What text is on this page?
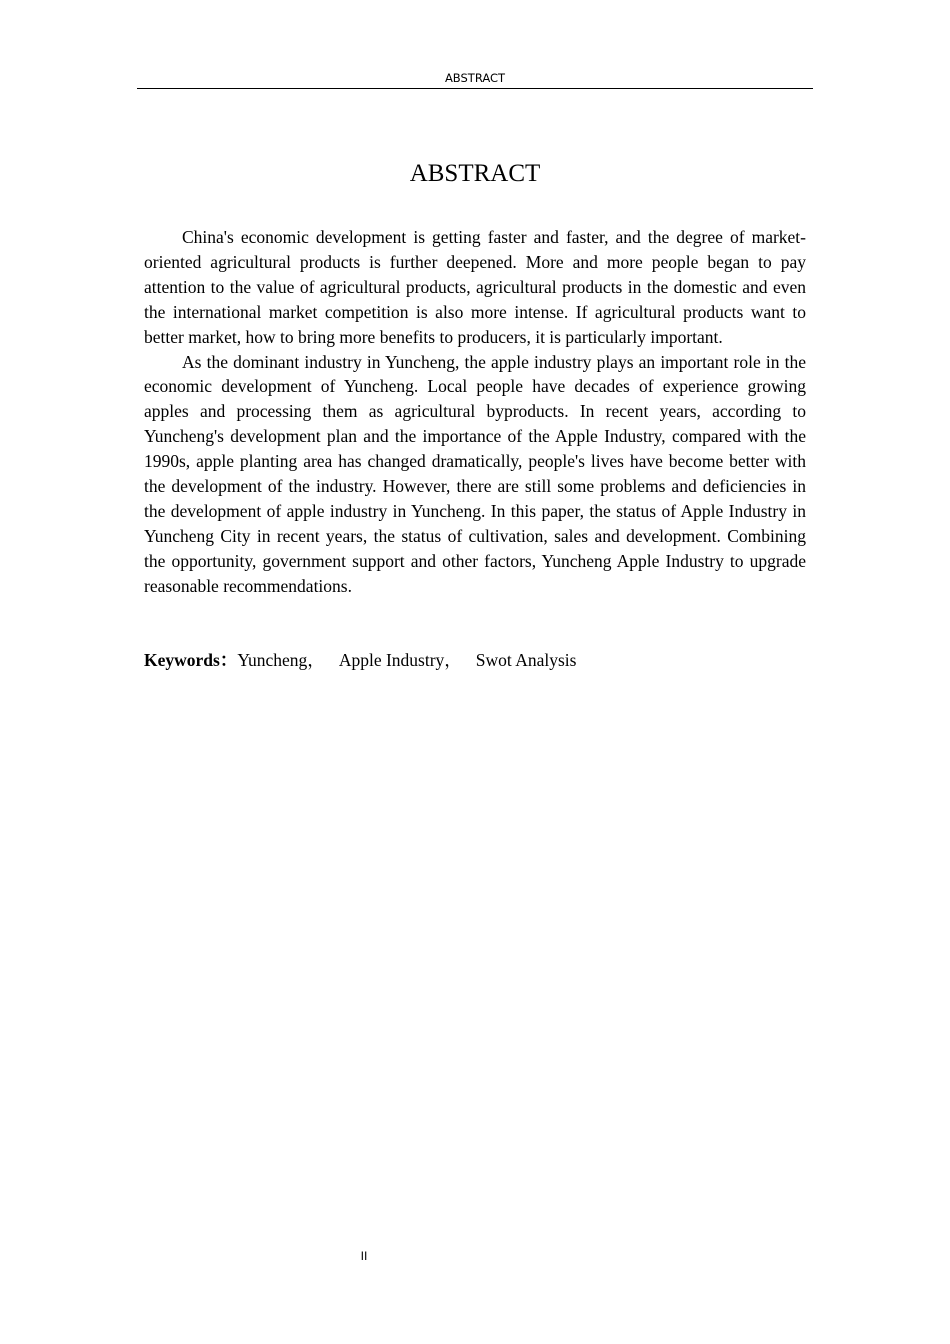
ABSTRACT
ABSTRACT

China's economic development is getting faster and faster, and the degree of market-oriented agricultural products is further deepened. More and more people began to pay attention to the value of agricultural products, agricultural products in the domestic and even the international market competition is also more intense. If agricultural products want to better market, how to bring more benefits to producers, it is particularly important.

As the dominant industry in Yuncheng, the apple industry plays an important role in the economic development of Yuncheng. Local people have decades of experience growing apples and processing them as agricultural byproducts. In recent years, according to Yuncheng's development plan and the importance of the Apple Industry, compared with the 1990s, apple planting area has changed dramatically, people's lives have become better with the development of the industry. However, there are still some problems and deficiencies in the development of apple industry in Yuncheng. In this paper, the status of Apple Industry in Yuncheng City in recent years, the status of cultivation, sales and development. Combining the opportunity, government support and other factors, Yuncheng Apple Industry to upgrade reasonable recommendations.

Keywords：Yuncheng， Apple Industry， Swot Analysis
II
